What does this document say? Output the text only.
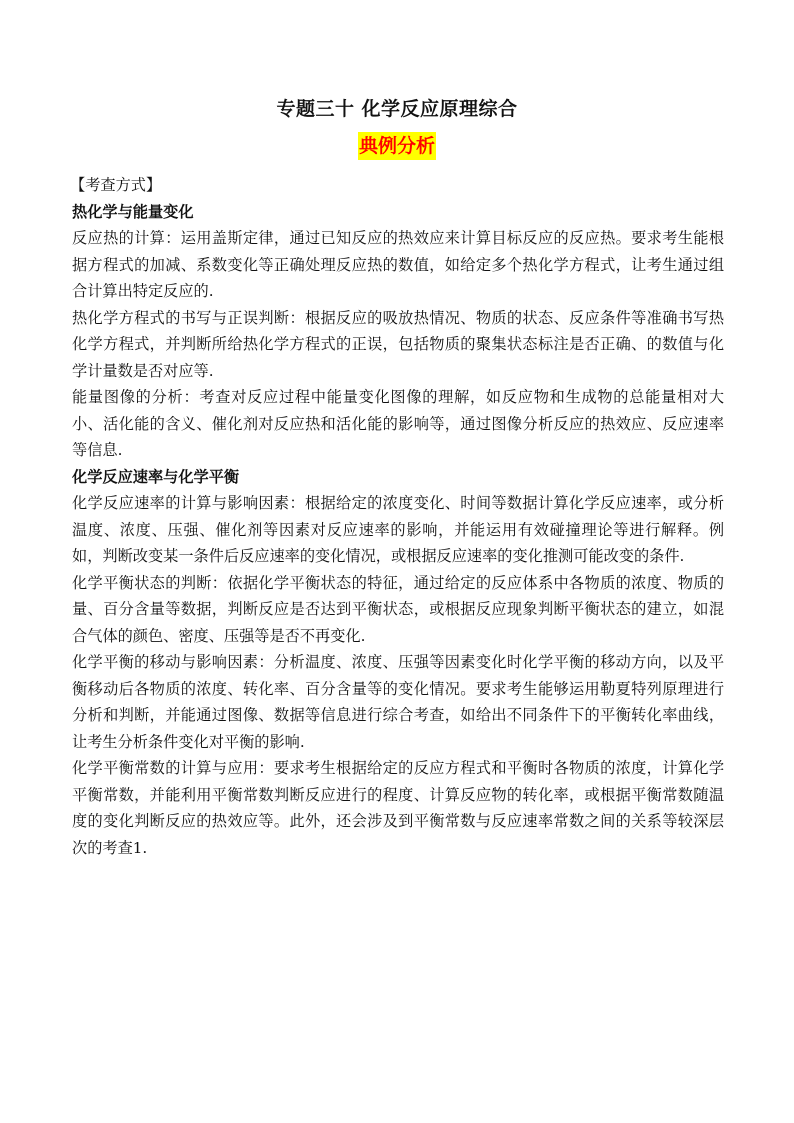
专题三十 化学反应原理综合
典例分析

【考查方式】

热化学与能量变化

反应热的计算：运用盖斯定律，通过已知反应的热效应来计算目标反应的反应热。要求考生能根据方程式的加减、系数变化等正确处理反应热的数值，如给定多个热化学方程式，让考生通过组合计算出特定反应的.

热化学方程式的书写与正误判断：根据反应的吸放热情况、物质的状态、反应条件等准确书写热化学方程式，并判断所给热化学方程式的正误，包括物质的聚集状态标注是否正确、的数值与化学计量数是否对应等.

能量图像的分析：考查对反应过程中能量变化图像的理解，如反应物和生成物的总能量相对大小、活化能的含义、催化剂对反应热和活化能的影响等，通过图像分析反应的热效应、反应速率等信息.

化学反应速率与化学平衡

化学反应速率的计算与影响因素：根据给定的浓度变化、时间等数据计算化学反应速率，或分析温度、浓度、压强、催化剂等因素对反应速率的影响，并能运用有效碰撞理论等进行解释。例如，判断改变某一条件后反应速率的变化情况，或根据反应速率的变化推测可能改变的条件.

化学平衡状态的判断：依据化学平衡状态的特征，通过给定的反应体系中各物质的浓度、物质的量、百分含量等数据，判断反应是否达到平衡状态，或根据反应现象判断平衡状态的建立，如混合气体的颜色、密度、压强等是否不再变化.

化学平衡的移动与影响因素：分析温度、浓度、压强等因素变化时化学平衡的移动方向，以及平衡移动后各物质的浓度、转化率、百分含量等的变化情况。要求考生能够运用勒夏特列原理进行分析和判断，并能通过图像、数据等信息进行综合考查，如给出不同条件下的平衡转化率曲线，让考生分析条件变化对平衡的影响.

化学平衡常数的计算与应用：要求考生根据给定的反应方程式和平衡时各物质的浓度，计算化学平衡常数，并能利用平衡常数判断反应进行的程度、计算反应物的转化率，或根据平衡常数随温度的变化判断反应的热效应等。此外，还会涉及到平衡常数与反应速率常数之间的关系等较深层次的考查1.
